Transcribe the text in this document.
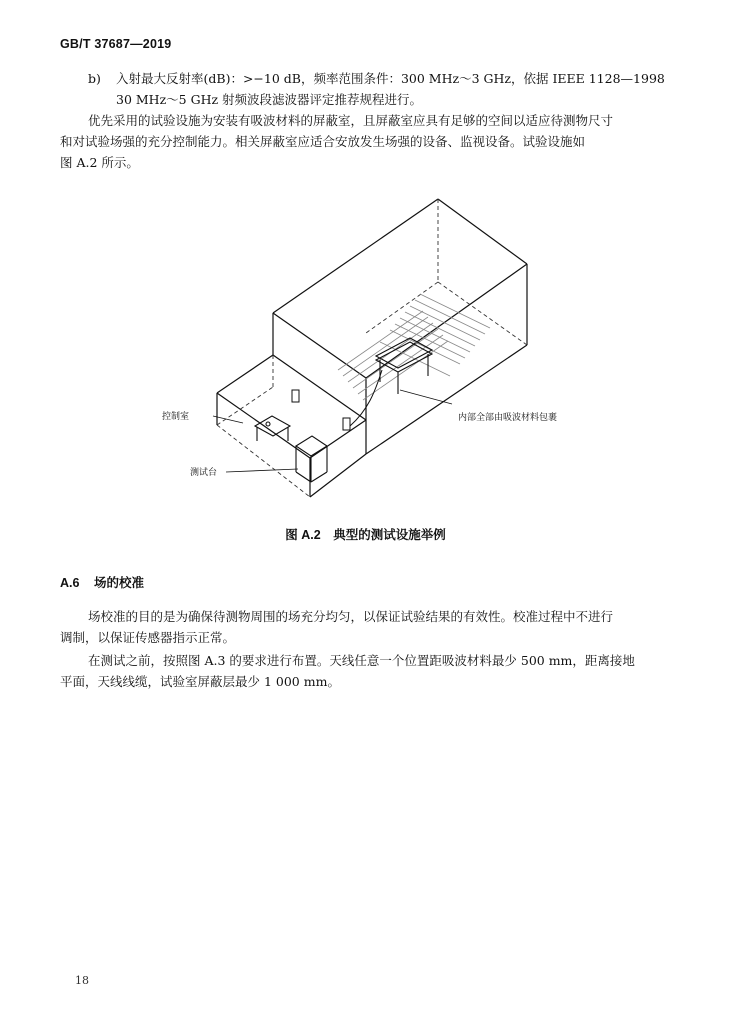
GB/T 37687—2019
b) 入射最大反射率(dB)：>−10 dB，频率范围条件：300 MHz～3 GHz，依据 IEEE 1128—1998
30 MHz～5 GHz 射频波段滤波器评定推荐规程进行。
优先采用的试验设施为安装有吸波材料的屏蔽室，且屏蔽室应具有足够的空间以适应待测物尺寸
和对试验场强的充分控制能力。相关屏蔽室应适合安放发生场强的设备、监视设备。试验设施如
图 A.2 所示。
控制室
测试台
内部全部由吸波材料包裹
图 A.2　典型的测试设施举例
A.6 场的校准
场校准的目的是为确保待测物周围的场充分均匀，以保证试验结果的有效性。校准过程中不进行
调制，以保证传感器指示正常。
在测试之前，按照图 A.3 的要求进行布置。天线任意一个位置距吸波材料最少 500 mm，距离接地
平面，天线线缆，试验室屏蔽层最少 1 000 mm。
18
